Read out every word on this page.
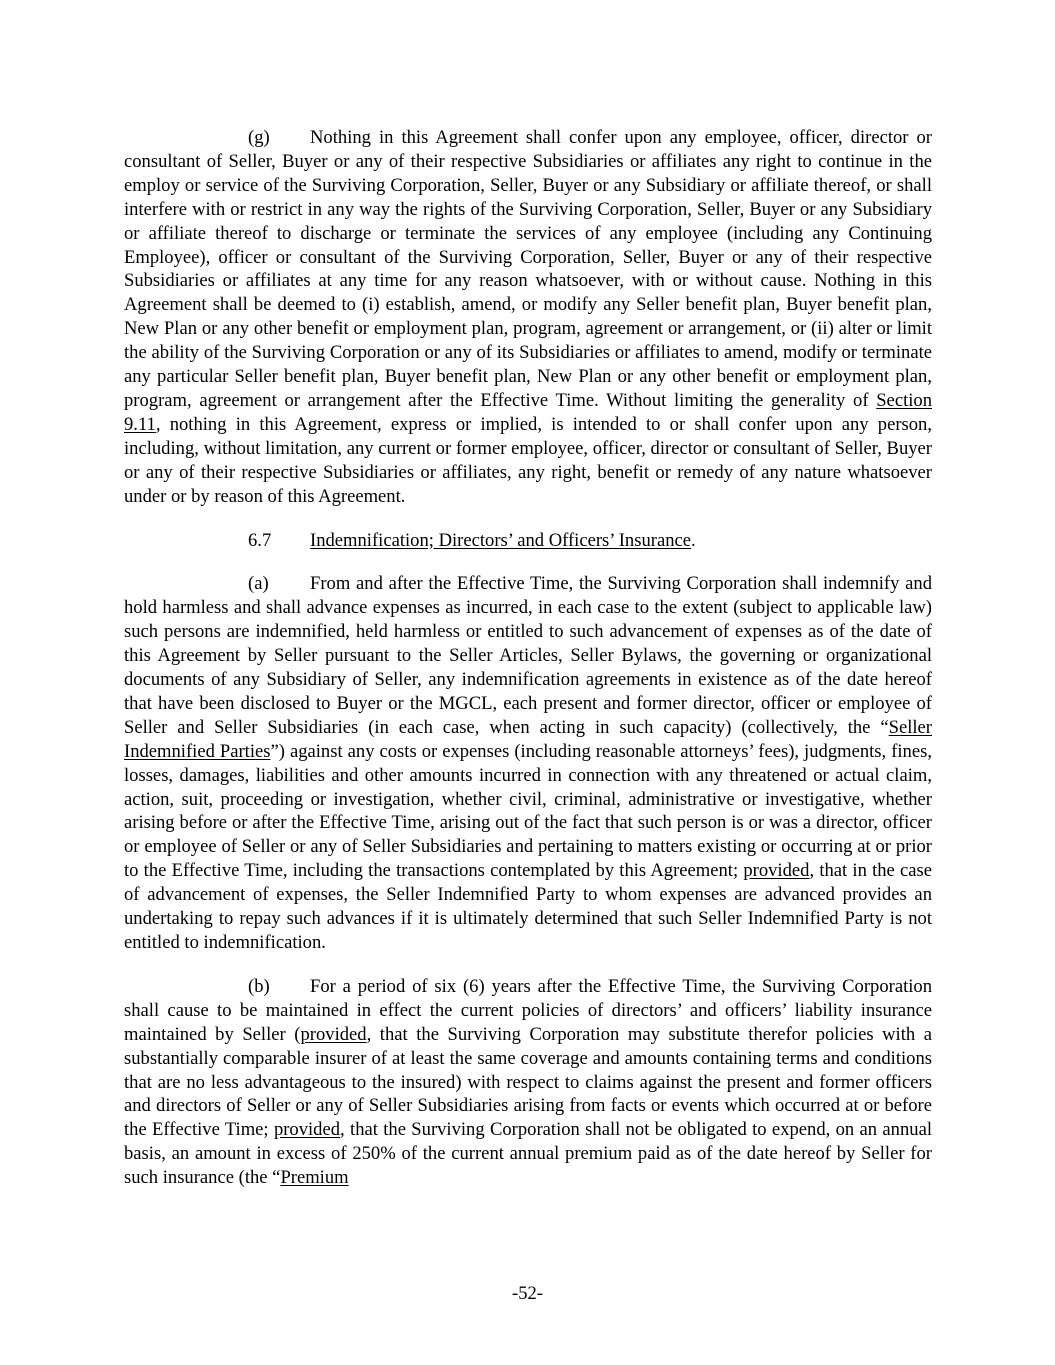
(g) Nothing in this Agreement shall confer upon any employee, officer, director or consultant of Seller, Buyer or any of their respective Subsidiaries or affiliates any right to continue in the employ or service of the Surviving Corporation, Seller, Buyer or any Subsidiary or affiliate thereof, or shall interfere with or restrict in any way the rights of the Surviving Corporation, Seller, Buyer or any Subsidiary or affiliate thereof to discharge or terminate the services of any employee (including any Continuing Employee), officer or consultant of the Surviving Corporation, Seller, Buyer or any of their respective Subsidiaries or affiliates at any time for any reason whatsoever, with or without cause. Nothing in this Agreement shall be deemed to (i) establish, amend, or modify any Seller benefit plan, Buyer benefit plan, New Plan or any other benefit or employment plan, program, agreement or arrangement, or (ii) alter or limit the ability of the Surviving Corporation or any of its Subsidiaries or affiliates to amend, modify or terminate any particular Seller benefit plan, Buyer benefit plan, New Plan or any other benefit or employment plan, program, agreement or arrangement after the Effective Time. Without limiting the generality of Section 9.11, nothing in this Agreement, express or implied, is intended to or shall confer upon any person, including, without limitation, any current or former employee, officer, director or consultant of Seller, Buyer or any of their respective Subsidiaries or affiliates, any right, benefit or remedy of any nature whatsoever under or by reason of this Agreement.

6.7 Indemnification; Directors’ and Officers’ Insurance.

(a) From and after the Effective Time, the Surviving Corporation shall indemnify and hold harmless and shall advance expenses as incurred, in each case to the extent (subject to applicable law) such persons are indemnified, held harmless or entitled to such advancement of expenses as of the date of this Agreement by Seller pursuant to the Seller Articles, Seller Bylaws, the governing or organizational documents of any Subsidiary of Seller, any indemnification agreements in existence as of the date hereof that have been disclosed to Buyer or the MGCL, each present and former director, officer or employee of Seller and Seller Subsidiaries (in each case, when acting in such capacity) (collectively, the “Seller Indemnified Parties”) against any costs or expenses (including reasonable attorneys’ fees), judgments, fines, losses, damages, liabilities and other amounts incurred in connection with any threatened or actual claim, action, suit, proceeding or investigation, whether civil, criminal, administrative or investigative, whether arising before or after the Effective Time, arising out of the fact that such person is or was a director, officer or employee of Seller or any of Seller Subsidiaries and pertaining to matters existing or occurring at or prior to the Effective Time, including the transactions contemplated by this Agreement; provided, that in the case of advancement of expenses, the Seller Indemnified Party to whom expenses are advanced provides an undertaking to repay such advances if it is ultimately determined that such Seller Indemnified Party is not entitled to indemnification.

(b) For a period of six (6) years after the Effective Time, the Surviving Corporation shall cause to be maintained in effect the current policies of directors’ and officers’ liability insurance maintained by Seller (provided, that the Surviving Corporation may substitute therefor policies with a substantially comparable insurer of at least the same coverage and amounts containing terms and conditions that are no less advantageous to the insured) with respect to claims against the present and former officers and directors of Seller or any of Seller Subsidiaries arising from facts or events which occurred at or before the Effective Time; provided, that the Surviving Corporation shall not be obligated to expend, on an annual basis, an amount in excess of 250% of the current annual premium paid as of the date hereof by Seller for such insurance (the “Premium

-52-
